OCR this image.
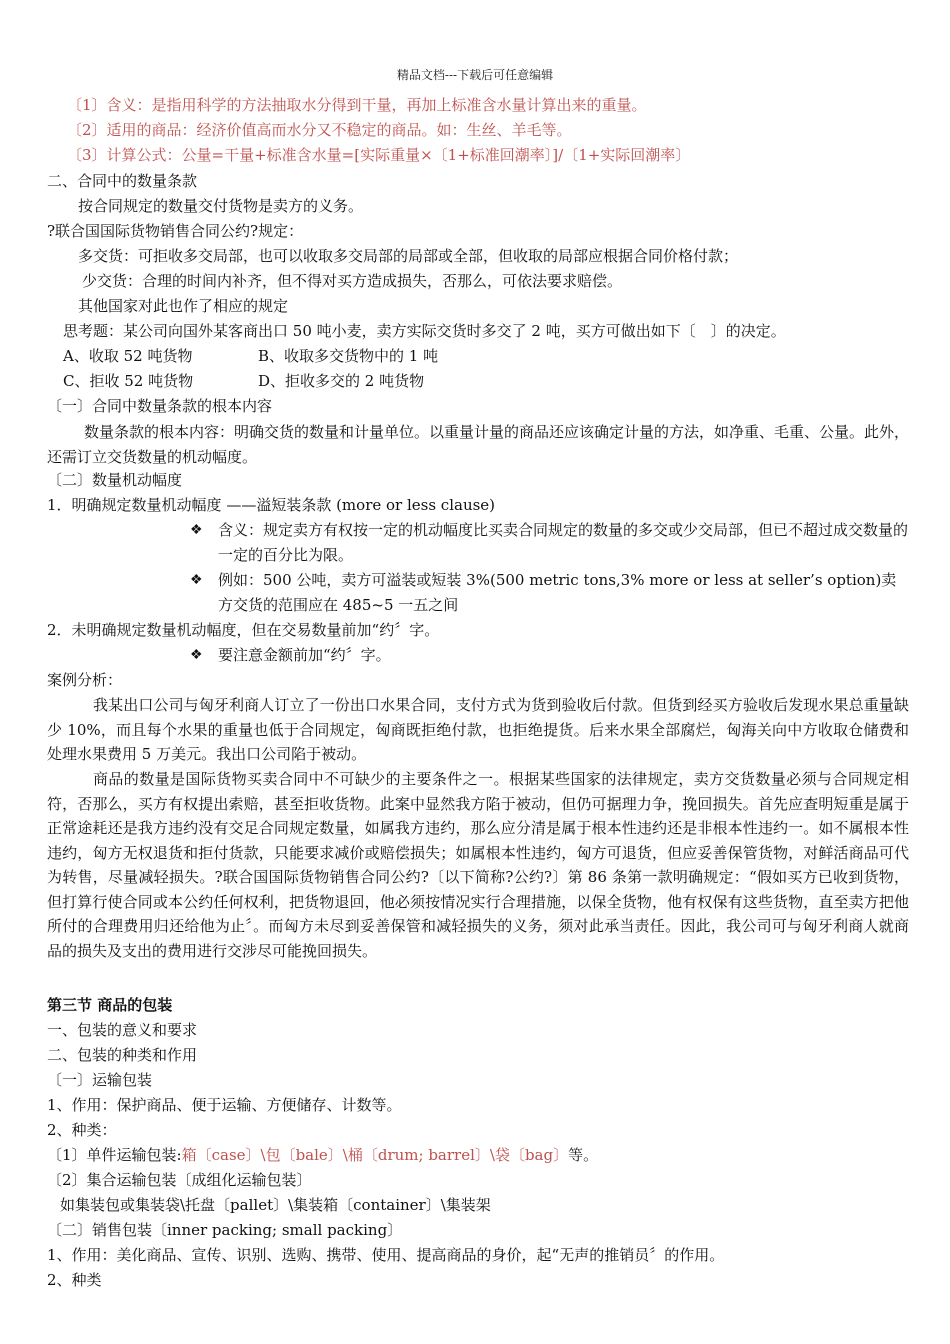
精品文档---下载后可任意编辑
〔1〕含义：是指用科学的方法抽取水分得到干量，再加上标准含水量计算出来的重量。
〔2〕适用的商品：经济价值高而水分又不稳定的商品。如：生丝、羊毛等。
〔3〕计算公式：公量=干量+标准含水量=[实际重量×〔1+标准回潮率〕]/〔1+实际回潮率〕
二、合同中的数量条款
按合同规定的数量交付货物是卖方的义务。
?联合国国际货物销售合同公约?规定：
多交货：可拒收多交局部，也可以收取多交局部的局部或全部，但收取的局部应根据合同价格付款；
少交货：合理的时间内补齐，但不得对买方造成损失，否那么，可依法要求赔偿。
其他国家对此也作了相应的规定
思考题：某公司向国外某客商出口 50 吨小麦，卖方实际交货时多交了 2 吨，买方可做出如下〔　〕的决定。
A、收取 52 吨货物	B、收取多交货物中的 1 吨
C、拒收 52 吨货物	D、拒收多交的 2 吨货物
〔一〕合同中数量条款的根本内容
数量条款的根本内容：明确交货的数量和计量单位。以重量计量的商品还应该确定计量的方法，如净重、毛重、公量。此外，还需订立交货数量的机动幅度。
〔二〕数量机动幅度
1．明确规定数量机动幅度 ——溢短装条款 (more or less clause)
❖ 含义：规定卖方有权按一定的机动幅度比买卖合同规定的数量的多交或少交局部，但已不超过成交数量的一定的百分比为限。
❖ 例如：500 公吨，卖方可溢装或短装 3%(500 metric tons,3% more or less at seller’s option)卖方交货的范围应在 485~5 一五之间
2．未明确规定数量机动幅度，但在交易数量前加“约〞字。
❖ 要注意金额前加“约〞字。
案例分析：
我某出口公司与匈牙利商人订立了一份出口水果合同，支付方式为货到验收后付款。但货到经买方验收后发现水果总重量缺少 10%，而且每个水果的重量也低于合同规定，匈商既拒绝付款，也拒绝提货。后来水果全部腐烂，匈海关向中方收取仓储费和处理水果费用 5 万美元。我出口公司陷于被动。
商品的数量是国际货物买卖合同中不可缺少的主要条件之一。根据某些国家的法律规定，卖方交货数量必须与合同规定相符，否那么，买方有权提出索赔，甚至拒收货物。此案中显然我方陷于被动，但仍可据理力争，挽回损失。首先应查明短重是属于正常途耗还是我方违约没有交足合同规定数量，如属我方违约，那么应分清是属于根本性违约还是非根本性违约一。如不属根本性违约，匈方无权退货和拒付货款，只能要求减价或赔偿损失；如属根本性违约，匈方可退货，但应妥善保管货物，对鲜活商品可代为转售，尽量减轻损失。?联合国国际货物销售合同公约?〔以下简称?公约?〕第 86 条第一款明确规定：“假如买方已收到货物，但打算行使合同或本公约任何权利，把货物退回，他必须按情况实行合理措施，以保全货物，他有权保有这些货物，直至卖方把他所付的合理费用归还给他为止〞。而匈方未尽到妥善保管和减轻损失的义务，须对此承当责任。因此，我公司可与匈牙利商人就商品的损失及支出的费用进行交涉尽可能挽回损失。
第三节 商品的包装
一、包装的意义和要求
二、包装的种类和作用
〔一〕运输包装
1、作用：保护商品、便于运输、方便储存、计数等。
2、种类：
〔1〕单件运输包装:箱〔case〕\包〔bale〕\桶〔drum; barrel〕\袋〔bag〕等。
〔2〕集合运输包装〔成组化运输包装〕
如集装包或集装袋\托盘〔pallet〕\集装箱〔container〕\集装架
〔二〕销售包装〔inner packing; small packing〕
1、作用：美化商品、宣传、识别、选购、携带、使用、提高商品的身价，起“无声的推销员〞的作用。
2、种类
